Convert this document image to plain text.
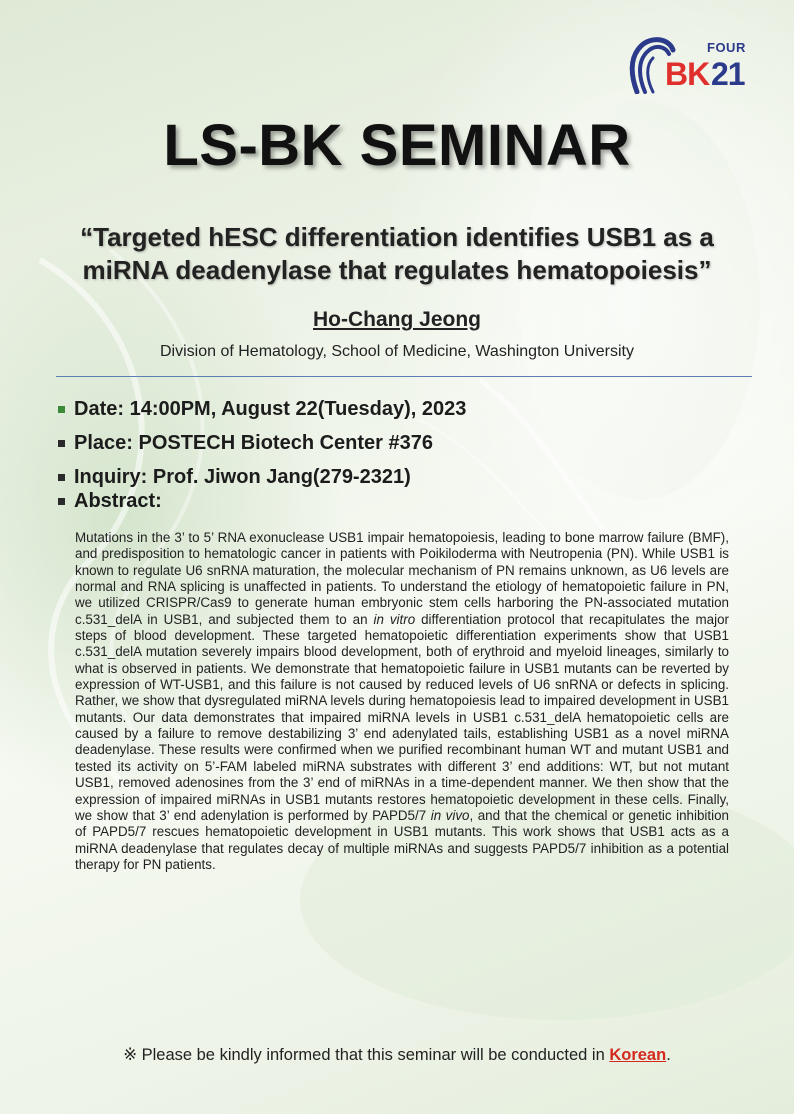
FOUR
BK 21
LS-BK SEMINAR
“Targeted hESC differentiation identifies USB1 as a
miRNA deadenylase that regulates hematopoiesis”
Ho-Chang Jeong
Division of Hematology, School of Medicine, Washington University
Date: 14:00PM, August 22(Tuesday), 2023
Place: POSTECH Biotech Center #376
Inquiry: Prof. Jiwon Jang(279-2321)
Abstract:
Mutations in the 3’ to 5’ RNA exonuclease USB1 impair hematopoiesis, leading to bone marrow failure (BMF), and predisposition to hematologic cancer in patients with Poikiloderma with Neutropenia (PN). While USB1 is known to regulate U6 snRNA maturation, the molecular mechanism of PN remains unknown, as U6 levels are normal and RNA splicing is unaffected in patients. To understand the etiology of hematopoietic failure in PN, we utilized CRISPR/Cas9 to generate human embryonic stem cells harboring the PN-associated mutation c.531_delA in USB1, and subjected them to an in vitro differentiation protocol that recapitulates the major steps of blood development. These targeted hematopoietic differentiation experiments show that USB1 c.531_delA mutation severely impairs blood development, both of erythroid and myeloid lineages, similarly to what is observed in patients. We demonstrate that hematopoietic failure in USB1 mutants can be reverted by expression of WT-USB1, and this failure is not caused by reduced levels of U6 snRNA or defects in splicing. Rather, we show that dysregulated miRNA levels during hematopoiesis lead to impaired development in USB1 mutants. Our data demonstrates that impaired miRNA levels in USB1 c.531_delA hematopoietic cells are caused by a failure to remove destabilizing 3’ end adenylated tails, establishing USB1 as a novel miRNA deadenylase. These results were confirmed when we purified recombinant human WT and mutant USB1 and tested its activity on 5’-FAM labeled miRNA substrates with different 3’ end additions: WT, but not mutant USB1, removed adenosines from the 3’ end of miRNAs in a time-dependent manner. We then show that the expression of impaired miRNAs in USB1 mutants restores hematopoietic development in these cells. Finally, we show that 3’ end adenylation is performed by PAPD5/7 in vivo, and that the chemical or genetic inhibition of PAPD5/7 rescues hematopoietic development in USB1 mutants. This work shows that USB1 acts as a miRNA deadenylase that regulates decay of multiple miRNAs and suggests PAPD5/7 inhibition as a potential therapy for PN patients.
※ Please be kindly informed that this seminar will be conducted in Korean.
